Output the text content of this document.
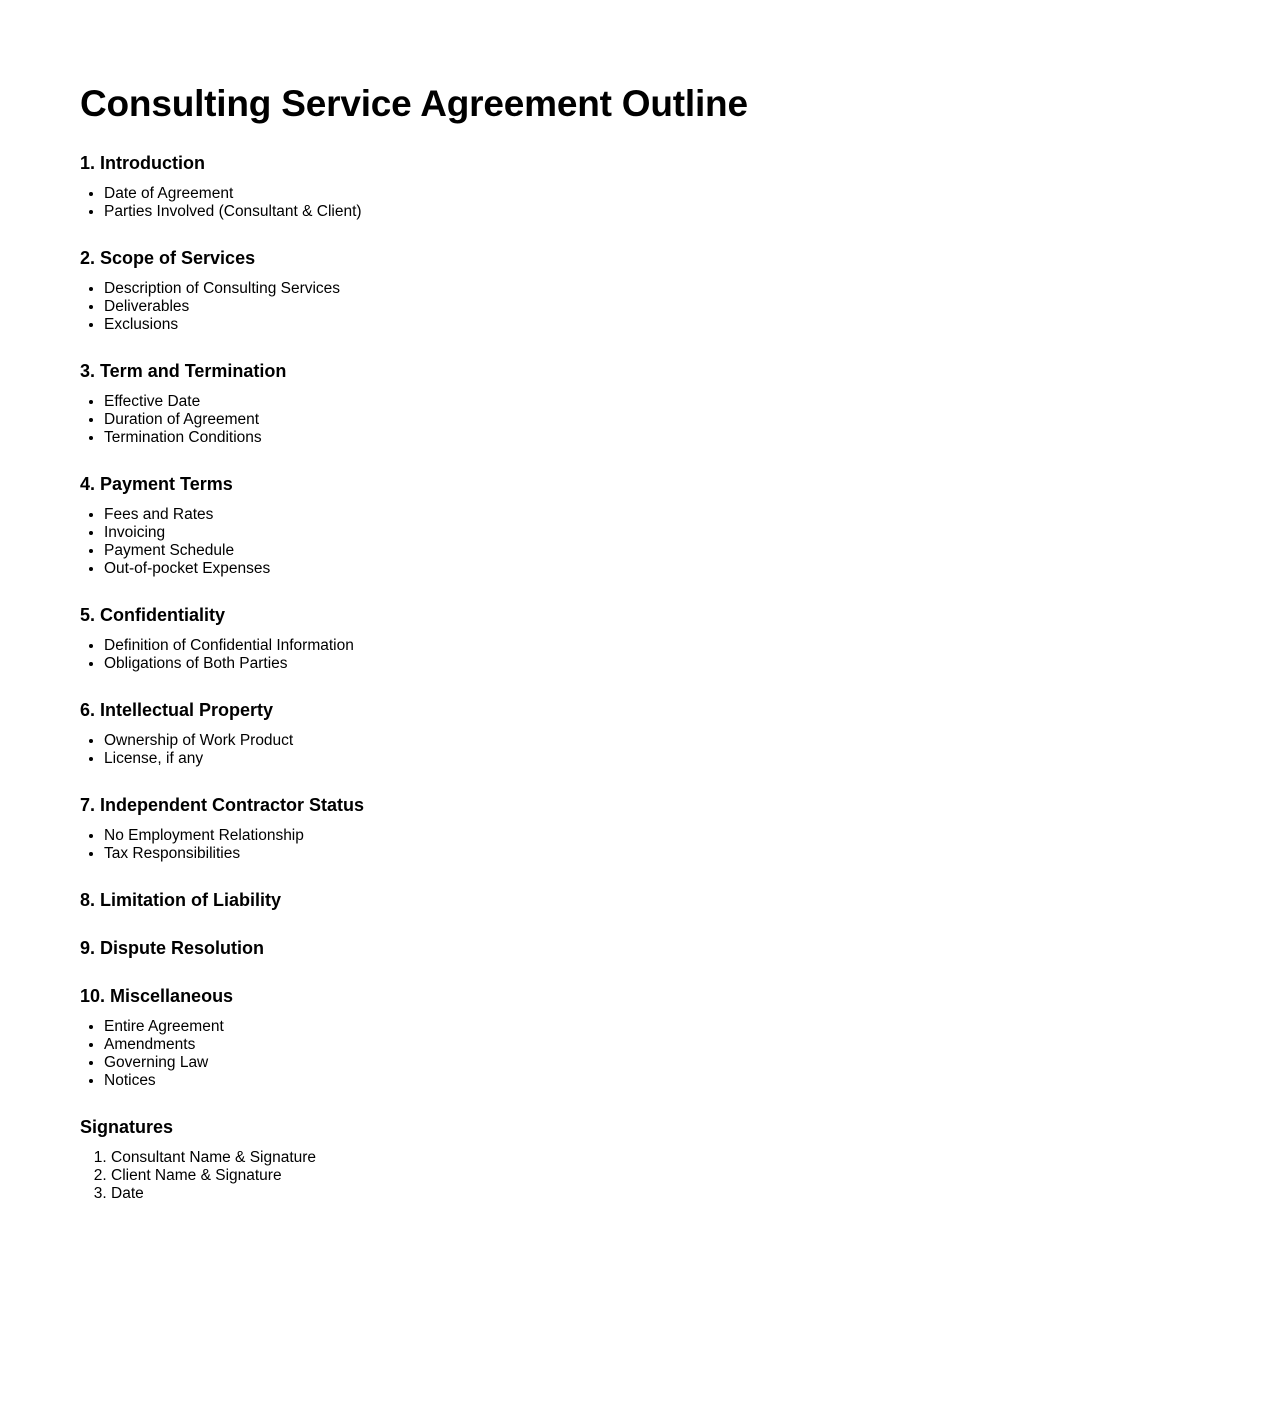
Consulting Service Agreement Outline
1. Introduction
• Date of Agreement
• Parties Involved (Consultant & Client)
2. Scope of Services
• Description of Consulting Services
• Deliverables
• Exclusions
3. Term and Termination
• Effective Date
• Duration of Agreement
• Termination Conditions
4. Payment Terms
• Fees and Rates
• Invoicing
• Payment Schedule
• Out-of-pocket Expenses
5. Confidentiality
• Definition of Confidential Information
• Obligations of Both Parties
6. Intellectual Property
• Ownership of Work Product
• License, if any
7. Independent Contractor Status
• No Employment Relationship
• Tax Responsibilities
8. Limitation of Liability
9. Dispute Resolution
10. Miscellaneous
• Entire Agreement
• Amendments
• Governing Law
• Notices
Signatures
1. Consultant Name & Signature
2. Client Name & Signature
3. Date
